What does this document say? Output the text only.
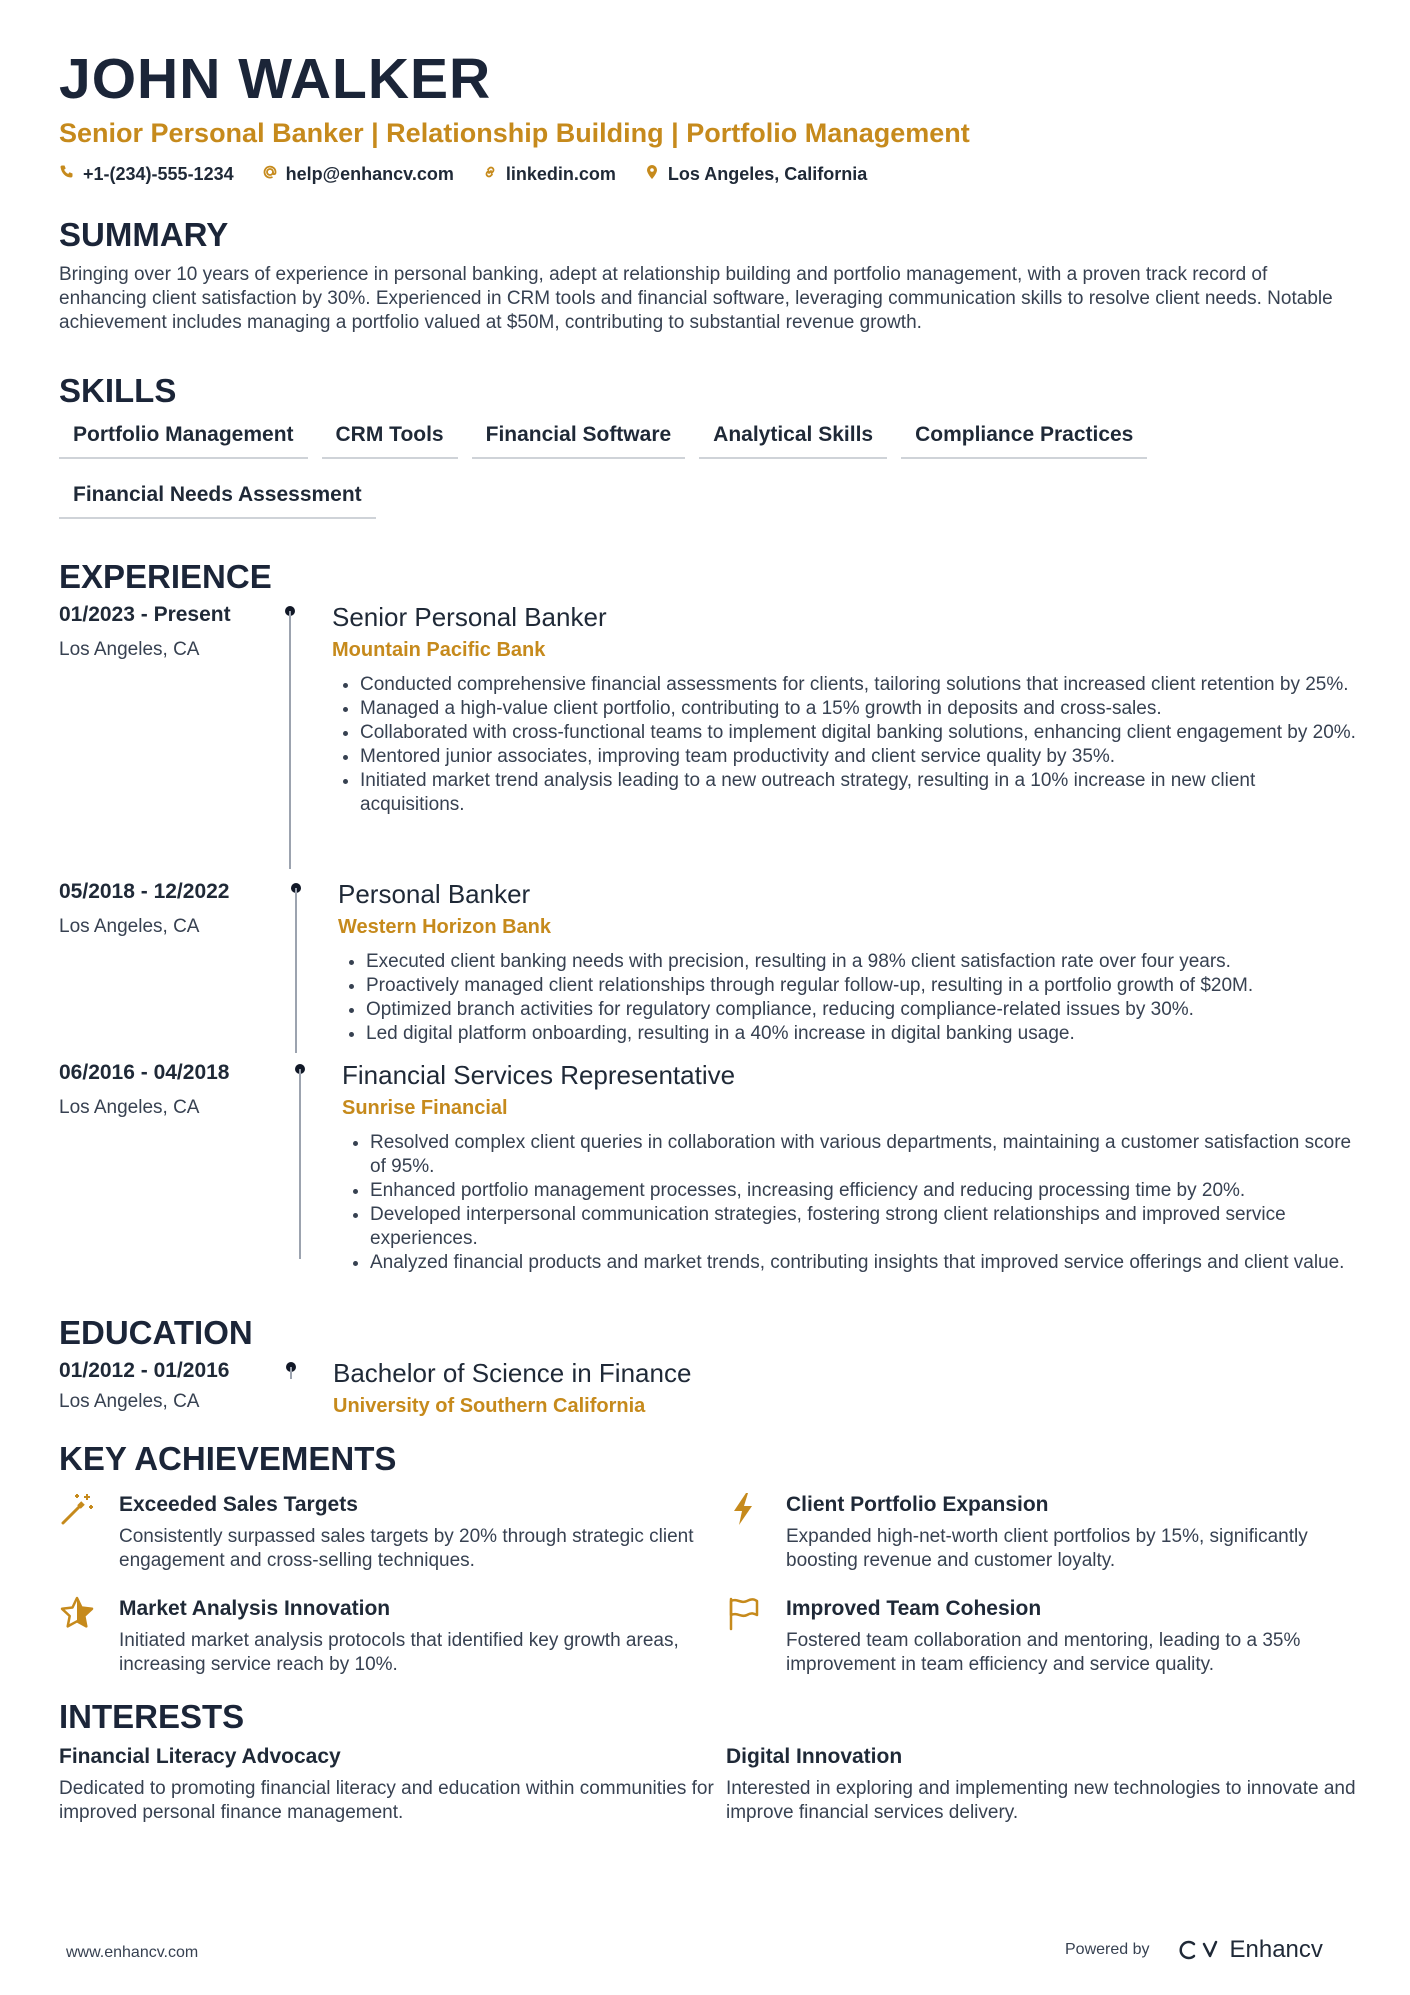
JOHN WALKER
Senior Personal Banker | Relationship Building | Portfolio Management
+1-(234)-555-1234	help@enhancv.com	linkedin.com	Los Angeles, California
SUMMARY
Bringing over 10 years of experience in personal banking, adept at relationship building and portfolio management, with a proven track record of enhancing client satisfaction by 30%. Experienced in CRM tools and financial software, leveraging communication skills to resolve client needs. Notable achievement includes managing a portfolio valued at $50M, contributing to substantial revenue growth.
SKILLS
Portfolio Management	CRM Tools	Financial Software	Analytical Skills	Compliance Practices
Financial Needs Assessment
EXPERIENCE
01/2023 - Present
Los Angeles, CA
Senior Personal Banker
Mountain Pacific Bank
• Conducted comprehensive financial assessments for clients, tailoring solutions that increased client retention by 25%.
• Managed a high-value client portfolio, contributing to a 15% growth in deposits and cross-sales.
• Collaborated with cross-functional teams to implement digital banking solutions, enhancing client engagement by 20%.
• Mentored junior associates, improving team productivity and client service quality by 35%.
• Initiated market trend analysis leading to a new outreach strategy, resulting in a 10% increase in new client acquisitions.
05/2018 - 12/2022
Los Angeles, CA
Personal Banker
Western Horizon Bank
• Executed client banking needs with precision, resulting in a 98% client satisfaction rate over four years.
• Proactively managed client relationships through regular follow-up, resulting in a portfolio growth of $20M.
• Optimized branch activities for regulatory compliance, reducing compliance-related issues by 30%.
• Led digital platform onboarding, resulting in a 40% increase in digital banking usage.
06/2016 - 04/2018
Los Angeles, CA
Financial Services Representative
Sunrise Financial
• Resolved complex client queries in collaboration with various departments, maintaining a customer satisfaction score of 95%.
• Enhanced portfolio management processes, increasing efficiency and reducing processing time by 20%.
• Developed interpersonal communication strategies, fostering strong client relationships and improved service experiences.
• Analyzed financial products and market trends, contributing insights that improved service offerings and client value.
EDUCATION
01/2012 - 01/2016
Los Angeles, CA
Bachelor of Science in Finance
University of Southern California
KEY ACHIEVEMENTS
Exceeded Sales Targets
Consistently surpassed sales targets by 20% through strategic client engagement and cross-selling techniques.
Client Portfolio Expansion
Expanded high-net-worth client portfolios by 15%, significantly boosting revenue and customer loyalty.
Market Analysis Innovation
Initiated market analysis protocols that identified key growth areas, increasing service reach by 10%.
Improved Team Cohesion
Fostered team collaboration and mentoring, leading to a 35% improvement in team efficiency and service quality.
INTERESTS
Financial Literacy Advocacy
Dedicated to promoting financial literacy and education within communities for improved personal finance management.
Digital Innovation
Interested in exploring and implementing new technologies to innovate and improve financial services delivery.
www.enhancv.com	Powered by	Enhancv
